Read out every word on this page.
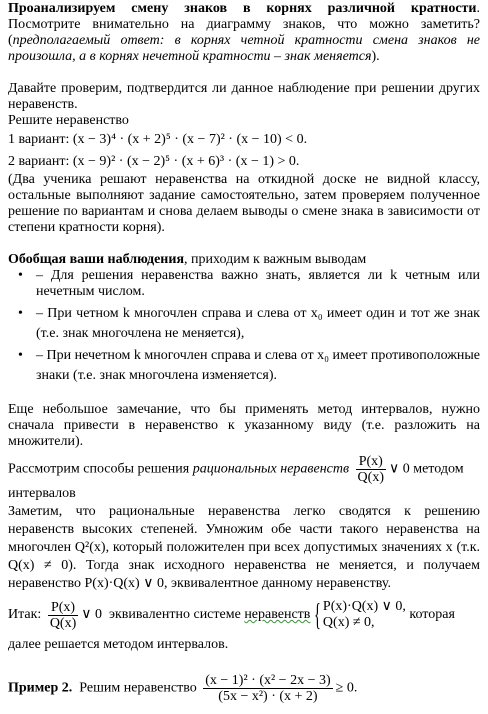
Проанализируем смену знаков в корнях различной кратности. Посмотрите внимательно на диаграмму знаков, что можно заметить? (предполагаемый ответ: в корнях четной кратности смена знаков не произошла, а в корнях нечетной кратности – знак меняется).

Давайте проверим, подтвердится ли данное наблюдение при решении других неравенств.

Решите неравенство

1 вариант: (x − 3)⁴ · (x + 2)⁵ · (x − 7)² · (x − 10) < 0.

2 вариант: (x − 9)² · (x − 2)⁵ · (x + 6)³ · (x − 1) > 0.

(Два ученика решают неравенства на откидной доске не видной классу, остальные выполняют задание самостоятельно, затем проверяем полученное решение по вариантам и снова делаем выводы о смене знака в зависимости от степени кратности корня).

Обобщая ваши наблюдения, приходим к важным выводам

• – Для решения неравенства важно знать, является ли k четным или нечетным числом.
• – При четном k многочлен справа и слева от x₀ имеет один и тот же знак (т.е. знак многочлена не меняется),
• – При нечетном k многочлен справа и слева от x₀ имеет противоположные знаки (т.е. знак многочлена изменяется).

Еще небольшое замечание, что бы применять метод интервалов, нужно сначала привести в неравенство к указанному виду (т.е. разложить на множители).

Рассмотрим способы решения рациональных неравенств $\frac{P(x)}{Q(x)}$ ∨ 0 методом интервалов

Заметим, что рациональные неравенства легко сводятся к решению неравенств высоких степеней. Умножим обе части такого неравенства на многочлен Q²(x), который положителен при всех допустимых значениях x (т.к. Q(x) ≠ 0). Тогда знак исходного неравенства не меняется, и получаем неравенство P(x)·Q(x) ∨ 0, эквивалентное данному неравенству.

Итак: $\frac{P(x)}{Q(x)}$ ∨ 0 эквивалентно системе неравенств { P(x)·Q(x) ∨ 0,
Q(x) ≠ 0,
которая

далее решается методом интервалов.

Пример 2. Решим неравенство $\frac{\text{(x − 1)² · (x² − 2x − 3)}}{\text{(5x − x²) · (x + 2)}} \ge 0$.
